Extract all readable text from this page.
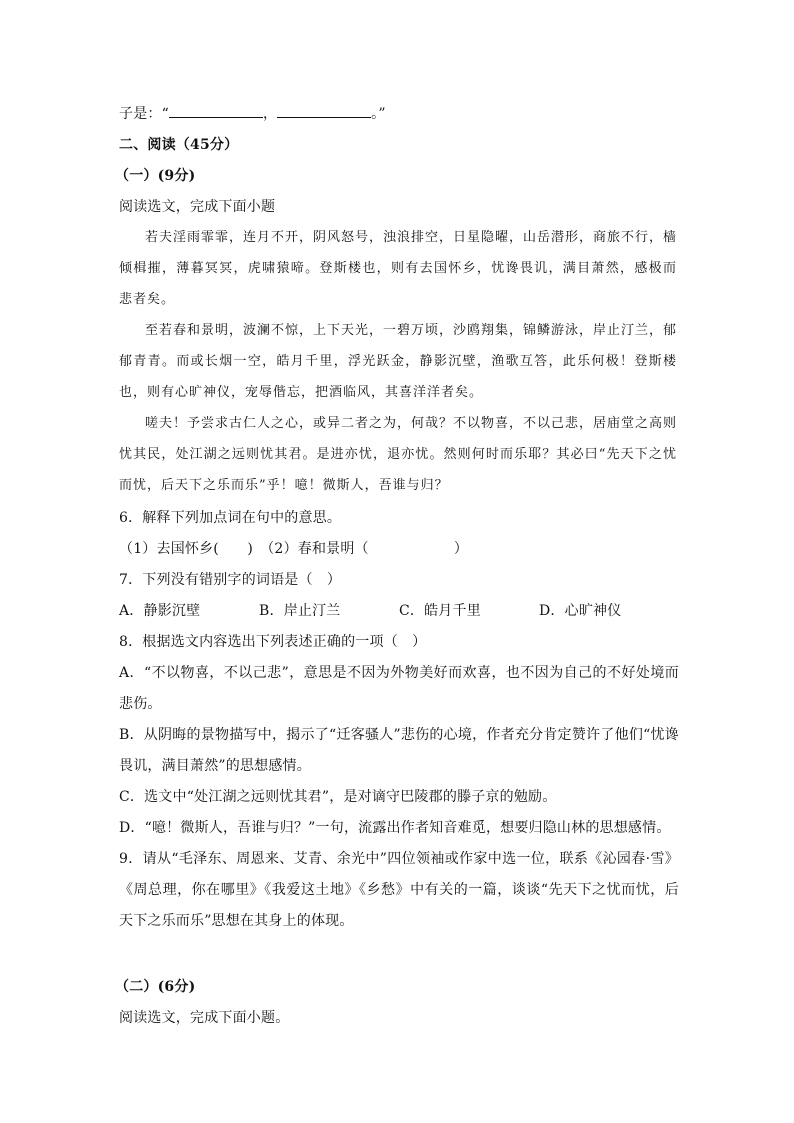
子是：“	，	。”
二、阅读（45分）
（一）(9分)
阅读选文，完成下面小题

若夫淫雨霏霏，连月不开，阴风怒号，浊浪排空，日星隐曜，山岳潜形，商旅不行，樯倾楫摧，薄暮冥冥，虎啸猿啼。登斯楼也，则有去国怀乡，忧谗畏讥，满目萧然，感极而悲者矣。

至若春和景明，波澜不惊，上下天光，一碧万顷，沙鸥翔集，锦鳞游泳，岸止汀兰，郁郁青青。而或长烟一空，皓月千里，浮光跃金，静影沉壁，渔歌互答，此乐何极！登斯楼也，则有心旷神仪，宠辱偕忘，把酒临风，其喜洋洋者矣。

嗟夫！予尝求古仁人之心，或异二者之为，何哉？不以物喜，不以己悲，居庙堂之高则忧其民，处江湖之远则忧其君。是进亦忧，退亦忧。然则何时而乐耶？其必曰“先天下之忧而忧，后天下之乐而乐”乎！噫！微斯人，吾谁与归？

6．解释下列加点词在句中的意思。

（1）去国怀乡(　　)　（2）春和景明（　　　　　　）

7．下列没有错别字的词语是（　）

A．静影沉壁	B．岸止汀兰	C．皓月千里	D．心旷神仪

8．根据选文内容选出下列表述正确的一项（　）

A．“不以物喜，不以己悲”，意思是不因为外物美好而欢喜，也不因为自己的不好处境而悲伤。

B．从阴晦的景物描写中，揭示了“迁客骚人”悲伤的心境，作者充分肯定赞许了他们“忧谗畏讥，满目萧然”的思想感情。

C．选文中“处江湖之远则忧其君”，是对谪守巴陵郡的滕子京的勉励。

D．“噫！微斯人，吾谁与归？”一句，流露出作者知音难觅，想要归隐山林的思想感情。

9．请从“毛泽东、周恩来、艾青、余光中”四位领袖或作家中选一位，联系《沁园春·雪》《周总理，你在哪里》《我爱这土地》《乡愁》中有关的一篇，谈谈“先天下之忧而忧，后天下之乐而乐”思想在其身上的体现。

（二）(6分)
阅读选文，完成下面小题。
